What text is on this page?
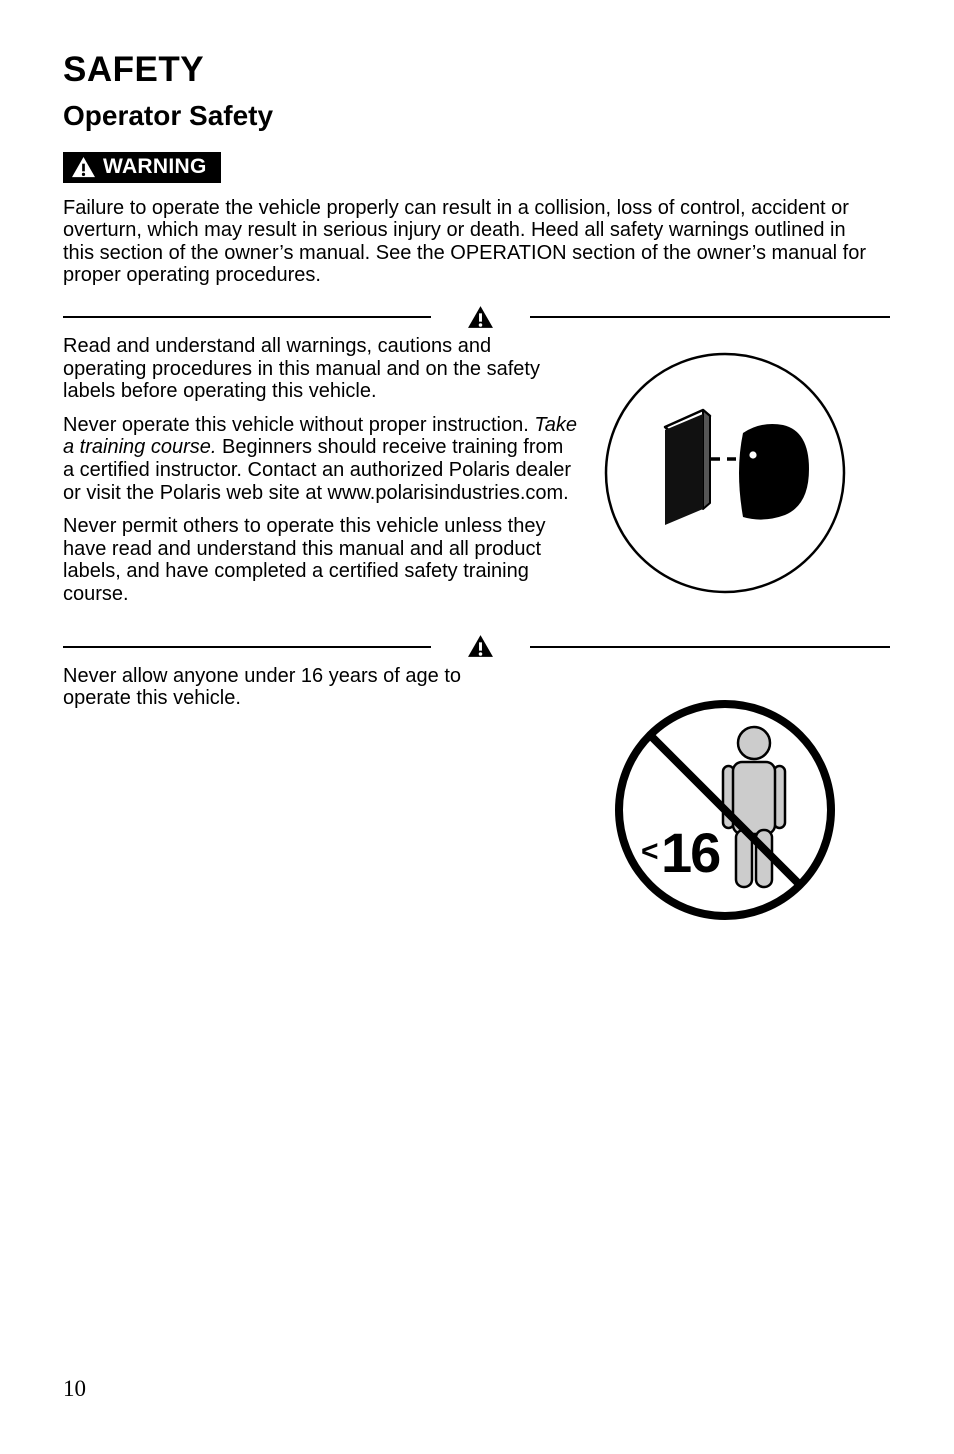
SAFETY
Operator Safety
WARNING

Failure to operate the vehicle properly can result in a collision, loss of control, accident or overturn, which may result in serious injury or death. Heed all safety warnings outlined in this section of the owner’s manual. See the OPERATION section of the owner’s manual for proper operating procedures.

Read and understand all warnings, cautions and operating procedures in this manual and on the safety labels before operating this vehicle.

Never operate this vehicle without proper instruction. Take a training course. Beginners should receive training from a certified instructor. Contact an authorized Polaris dealer or visit the Polaris web site at www.polarisindustries.com.

Never permit others to operate this vehicle unless they have read and understand this manual and all product labels, and have completed a certified safety training course.

Never allow anyone under 16 years of age to operate this vehicle.

< 16
10
